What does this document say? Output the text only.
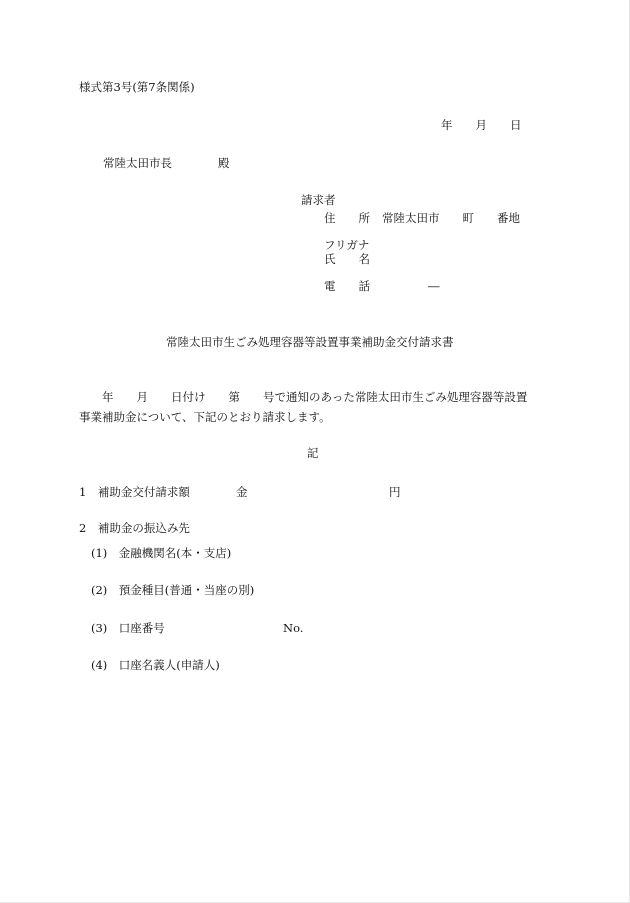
様式第3号(第7条関係)
年　　月　　日
常陸太田市長　　　　殿
請求者
住　　所 常陸太田市　　町　　番地
フリガナ
氏　　名
電　　話	―
常陸太田市生ごみ処理容器等設置事業補助金交付請求書
　　年　　月　　日付け　　第　　号で通知のあった常陸太田市生ごみ処理容器等設置
事業補助金について、下記のとおり請求します。
記
1　補助金交付請求額	金	円
2　補助金の振込み先
(1)　金融機関名(本・支店)
(2)　預金種目(普通・当座の別)
(3)　口座番号	No.
(4)　口座名義人(申請人)
